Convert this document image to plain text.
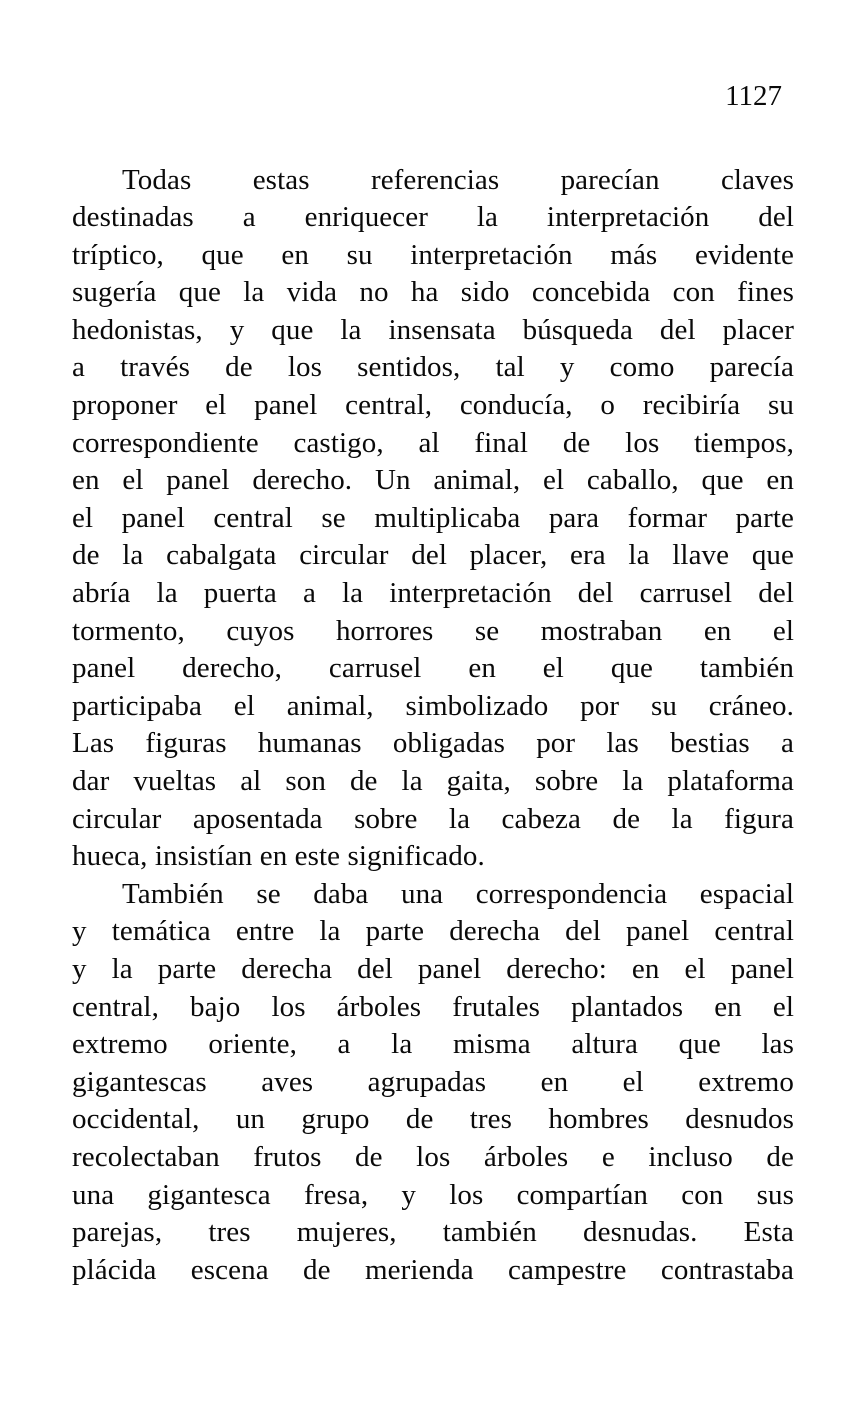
1127
Todas estas referencias parecían claves
destinadas a enriquecer la interpretación del
tríptico, que en su interpretación más evidente
sugería que la vida no ha sido concebida con fines
hedonistas, y que la insensata búsqueda del placer
a través de los sentidos, tal y como parecía
proponer el panel central, conducía, o recibiría su
correspondiente castigo, al final de los tiempos,
en el panel derecho. Un animal, el caballo, que en
el panel central se multiplicaba para formar parte
de la cabalgata circular del placer, era la llave que
abría la puerta a la interpretación del carrusel del
tormento, cuyos horrores se mostraban en el
panel derecho, carrusel en el que también
participaba el animal, simbolizado por su cráneo.
Las figuras humanas obligadas por las bestias a
dar vueltas al son de la gaita, sobre la plataforma
circular aposentada sobre la cabeza de la figura
hueca, insistían en este significado.
También se daba una correspondencia espacial
y temática entre la parte derecha del panel central
y la parte derecha del panel derecho: en el panel
central, bajo los árboles frutales plantados en el
extremo oriente, a la misma altura que las
gigantescas aves agrupadas en el extremo
occidental, un grupo de tres hombres desnudos
recolectaban frutos de los árboles e incluso de
una gigantesca fresa, y los compartían con sus
parejas, tres mujeres, también desnudas. Esta
plácida escena de merienda campestre contrastaba
